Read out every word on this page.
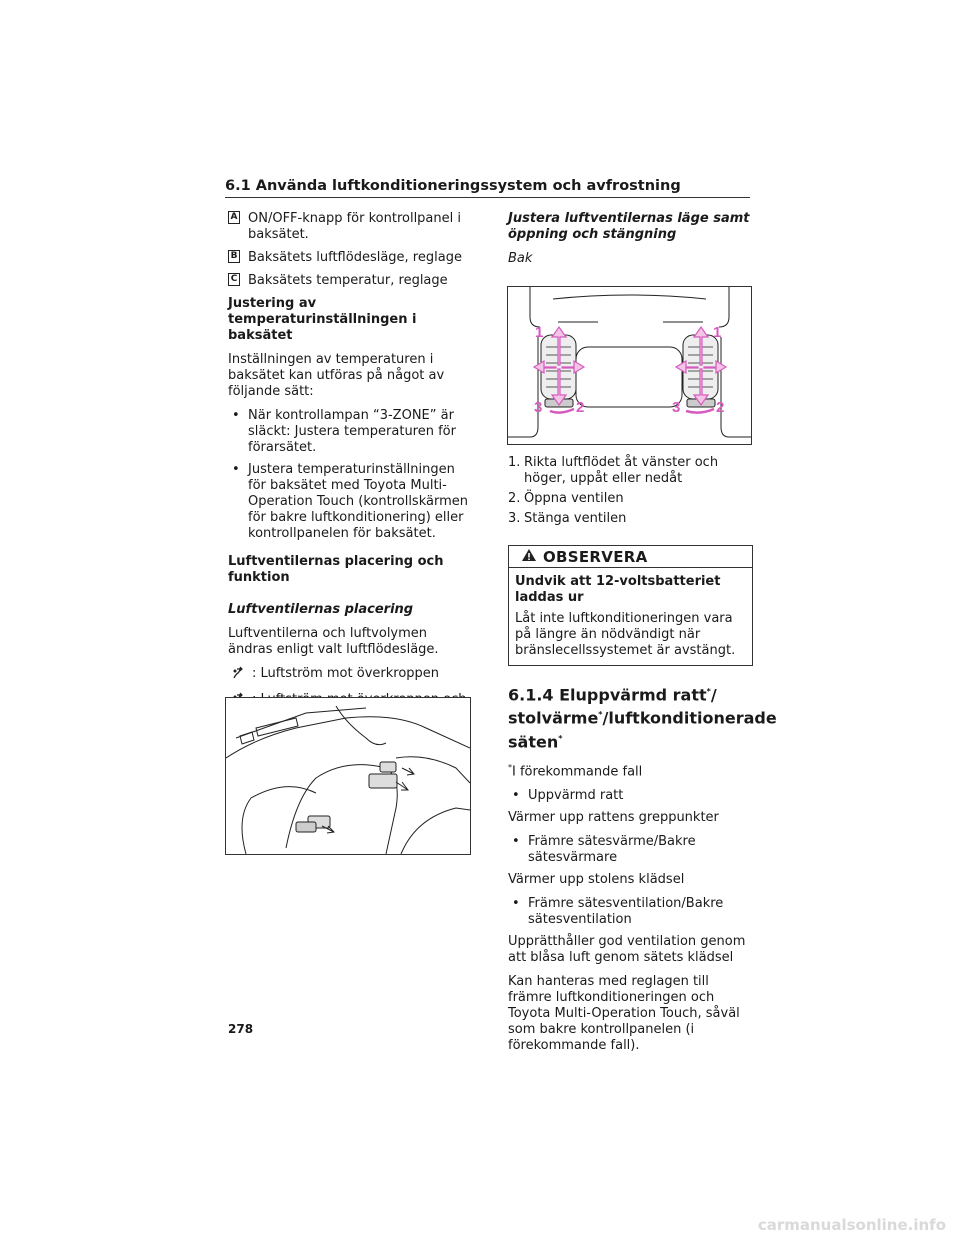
6.1 Använda luftkonditioneringssystem och avfrostning
A ON/OFF-knapp för kontrollpanel i baksätet.
B Baksätets luftflödesläge, reglage
C Baksätets temperatur, reglage

Justering av temperaturinställningen i baksätet

Inställningen av temperaturen i baksätet kan utföras på något av följande sätt:

• När kontrollampan “3-ZONE” är släckt: Justera temperaturen för förarsätet.
• Justera temperaturinställningen för baksätet med Toyota Multi-Operation Touch (kontrollskärmen för bakre luftkonditionering) eller kontrollpanelen för baksätet.

Luftventilernas placering och funktion

Luftventilernas placering

Luftventilerna och luftvolymen ändras enligt valt luftflödesläge.

: Luftström mot överkroppen

Justera luftventilernas läge samt öppning och stängning

Bak

1	1
3 2	3 2
1. Rikta luftflödet åt vänster och höger, uppåt eller nedåt
2. Öppna ventilen
3. Stänga ventilen
OBSERVERA

Undvik att 12-voltsbatteriet laddas ur

Låt inte luftkonditioneringen vara på längre än nödvändigt när bränslecellssystemet är avstängt.

6.1.4 Eluppvärmd ratt*/ stolvärme*/luftkonditionerade säten*

*I förekommande fall

• Uppvärmd ratt

Värmer upp rattens greppunkter

• Främre sätesvärme/Bakre sätesvärmare

Värmer upp stolens klädsel

• Främre sätesventilation/Bakre sätesventilation

Upprätthåller god ventilation genom att blåsa luft genom sätets klädsel

Kan hanteras med reglagen till främre luftkonditioneringen och Toyota Multi-Operation Touch, såväl som bakre kontrollpanelen (i förekommande fall).

278
carmanualsonline.info
